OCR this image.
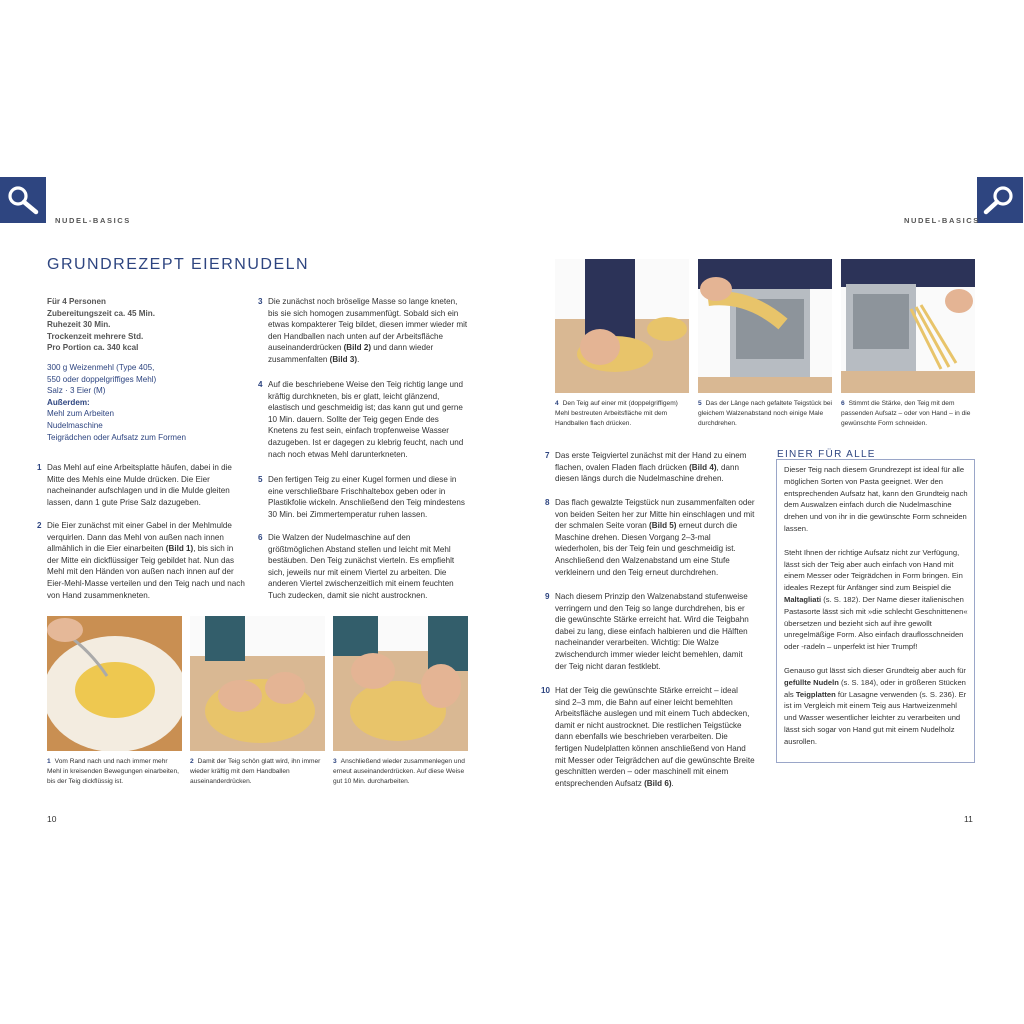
NUDEL-BASICS	NUDEL-BASICS
GRUNDREZEPT EIERNUDELN
Für 4 Personen
Zubereitungszeit ca. 45 Min.
Ruhezeit 30 Min.
Trockenzeit mehrere Std.
Pro Portion ca. 340 kcal
300 g Weizenmehl (Type 405,
550 oder doppelgriffiges Mehl)
Salz · 3 Eier (M)
Außerdem:
Mehl zum Arbeiten
Nudelmaschine
Teigrädchen oder Aufsatz zum Formen
1 Das Mehl auf eine Arbeitsplatte häufen, dabei in die Mitte des Mehls eine Mulde drücken. Die Eier nacheinander aufschlagen und in die Mulde gleiten lassen, dann 1 gute Prise Salz dazugeben.
2 Die Eier zunächst mit einer Gabel in der Mehlmulde verquirlen. Dann das Mehl von außen nach innen allmählich in die Eier einarbeiten (Bild 1), bis sich in der Mitte ein dickflüssiger Teig gebildet hat. Nun das Mehl mit den Händen von außen nach innen auf der Eier-Mehl-Masse verteilen und den Teig nach und nach von Hand zusammenkneten.
3 Die zunächst noch bröselige Masse so lange kneten, bis sie sich homogen zusammenfügt. Sobald sich ein etwas kompakterer Teig bildet, diesen immer wieder mit den Handballen nach unten auf der Arbeitsfläche auseinanderdrücken (Bild 2) und dann wieder zusammenfalten (Bild 3).
4 Auf die beschriebene Weise den Teig richtig lange und kräftig durchkneten, bis er glatt, leicht glänzend, elastisch und geschmeidig ist; das kann gut und gerne 10 Min. dauern. Sollte der Teig gegen Ende des Knetens zu fest sein, einfach tropfenweise Wasser dazugeben. Ist er dagegen zu klebrig feucht, nach und nach noch etwas Mehl darunterkneten.
5 Den fertigen Teig zu einer Kugel formen und diese in eine verschließbare Frischhaltebox geben oder in Plastikfolie wickeln. Anschließend den Teig mindestens 30 Min. bei Zimmertemperatur ruhen lassen.
6 Die Walzen der Nudelmaschine auf den größtmöglichen Abstand stellen und leicht mit Mehl bestäuben. Den Teig zunächst vierteln. Es empfiehlt sich, jeweils nur mit einem Viertel zu arbeiten. Die anderen Viertel zwischenzeitlich mit einem feuchten Tuch zudecken, damit sie nicht austrocknen.
1 Vom Rand nach und nach immer mehr Mehl in kreisenden Bewegungen einarbeiten, bis der Teig dickflüssig ist.
2 Damit der Teig schön glatt wird, ihn immer wieder kräftig mit dem Handballen auseinanderdrücken.
3 Anschließend wieder zusammenlegen und erneut auseinanderdrücken. Auf diese Weise gut 10 Min. durcharbeiten.
4 Den Teig auf einer mit (doppelgriffigem) Mehl bestreuten Arbeitsfläche mit dem Handballen flach drücken.
5 Das der Länge nach gefaltete Teigstück bei gleichem Walzenabstand noch einige Male durchdrehen.
6 Stimmt die Stärke, den Teig mit dem passenden Aufsatz – oder von Hand – in die gewünschte Form schneiden.
7 Das erste Teigviertel zunächst mit der Hand zu einem flachen, ovalen Fladen flach drücken (Bild 4), dann diesen längs durch die Nudelmaschine drehen.
8 Das flach gewalzte Teigstück nun zusammenfalten oder von beiden Seiten her zur Mitte hin einschlagen und mit der schmalen Seite voran (Bild 5) erneut durch die Maschine drehen. Diesen Vorgang 2–3-mal wiederholen, bis der Teig fein und geschmeidig ist. Anschließend den Walzenabstand um eine Stufe verkleinern und den Teig erneut durchdrehen.
9 Nach diesem Prinzip den Walzenabstand stufenweise verringern und den Teig so lange durchdrehen, bis er die gewünschte Stärke erreicht hat. Wird die Teigbahn dabei zu lang, diese einfach halbieren und die Hälften nacheinander verarbeiten. Wichtig: Die Walze zwischendurch immer wieder leicht bemehlen, damit der Teig nicht daran festklebt.
10 Hat der Teig die gewünschte Stärke erreicht – ideal sind 2–3 mm, die Bahn auf einer leicht bemehlten Arbeitsfläche auslegen und mit einem Tuch abdecken, damit er nicht austrocknet. Die restlichen Teigstücke dann ebenfalls wie beschrieben verarbeiten. Die fertigen Nudelplatten können anschließend von Hand mit Messer oder Teigrädchen auf die gewünschte Breite geschnitten werden – oder maschinell mit einem entsprechenden Aufsatz (Bild 6).
EINER FÜR ALLE

Dieser Teig nach diesem Grundrezept ist ideal für alle möglichen Sorten von Pasta geeignet. Wer den entsprechenden Aufsatz hat, kann den Grundteig nach dem Auswalzen einfach durch die Nudelmaschine drehen und von ihr in die gewünschte Form schneiden lassen.

Steht Ihnen der richtige Aufsatz nicht zur Verfügung, lässt sich der Teig aber auch einfach von Hand mit einem Messer oder Teigrädchen in Form bringen. Ein ideales Rezept für Anfänger sind zum Beispiel die Maltagliati (s. S. 182). Der Name dieser italienischen Pastasorte lässt sich mit »die schlecht Geschnittenen« übersetzen und bezieht sich auf ihre gewollt unregelmäßige Form. Also einfach drauflosschneiden oder -radeln – unperfekt ist hier Trumpf!

Genauso gut lässt sich dieser Grundteig aber auch für gefüllte Nudeln (s. S. 184), oder in größeren Stücken als Teigplatten für Lasagne verwenden (s. S. 236). Er ist im Vergleich mit einem Teig aus Hartweizenmehl und Wasser wesentlicher leichter zu verarbeiten und lässt sich sogar von Hand gut mit einem Nudelholz ausrollen.

10	11
